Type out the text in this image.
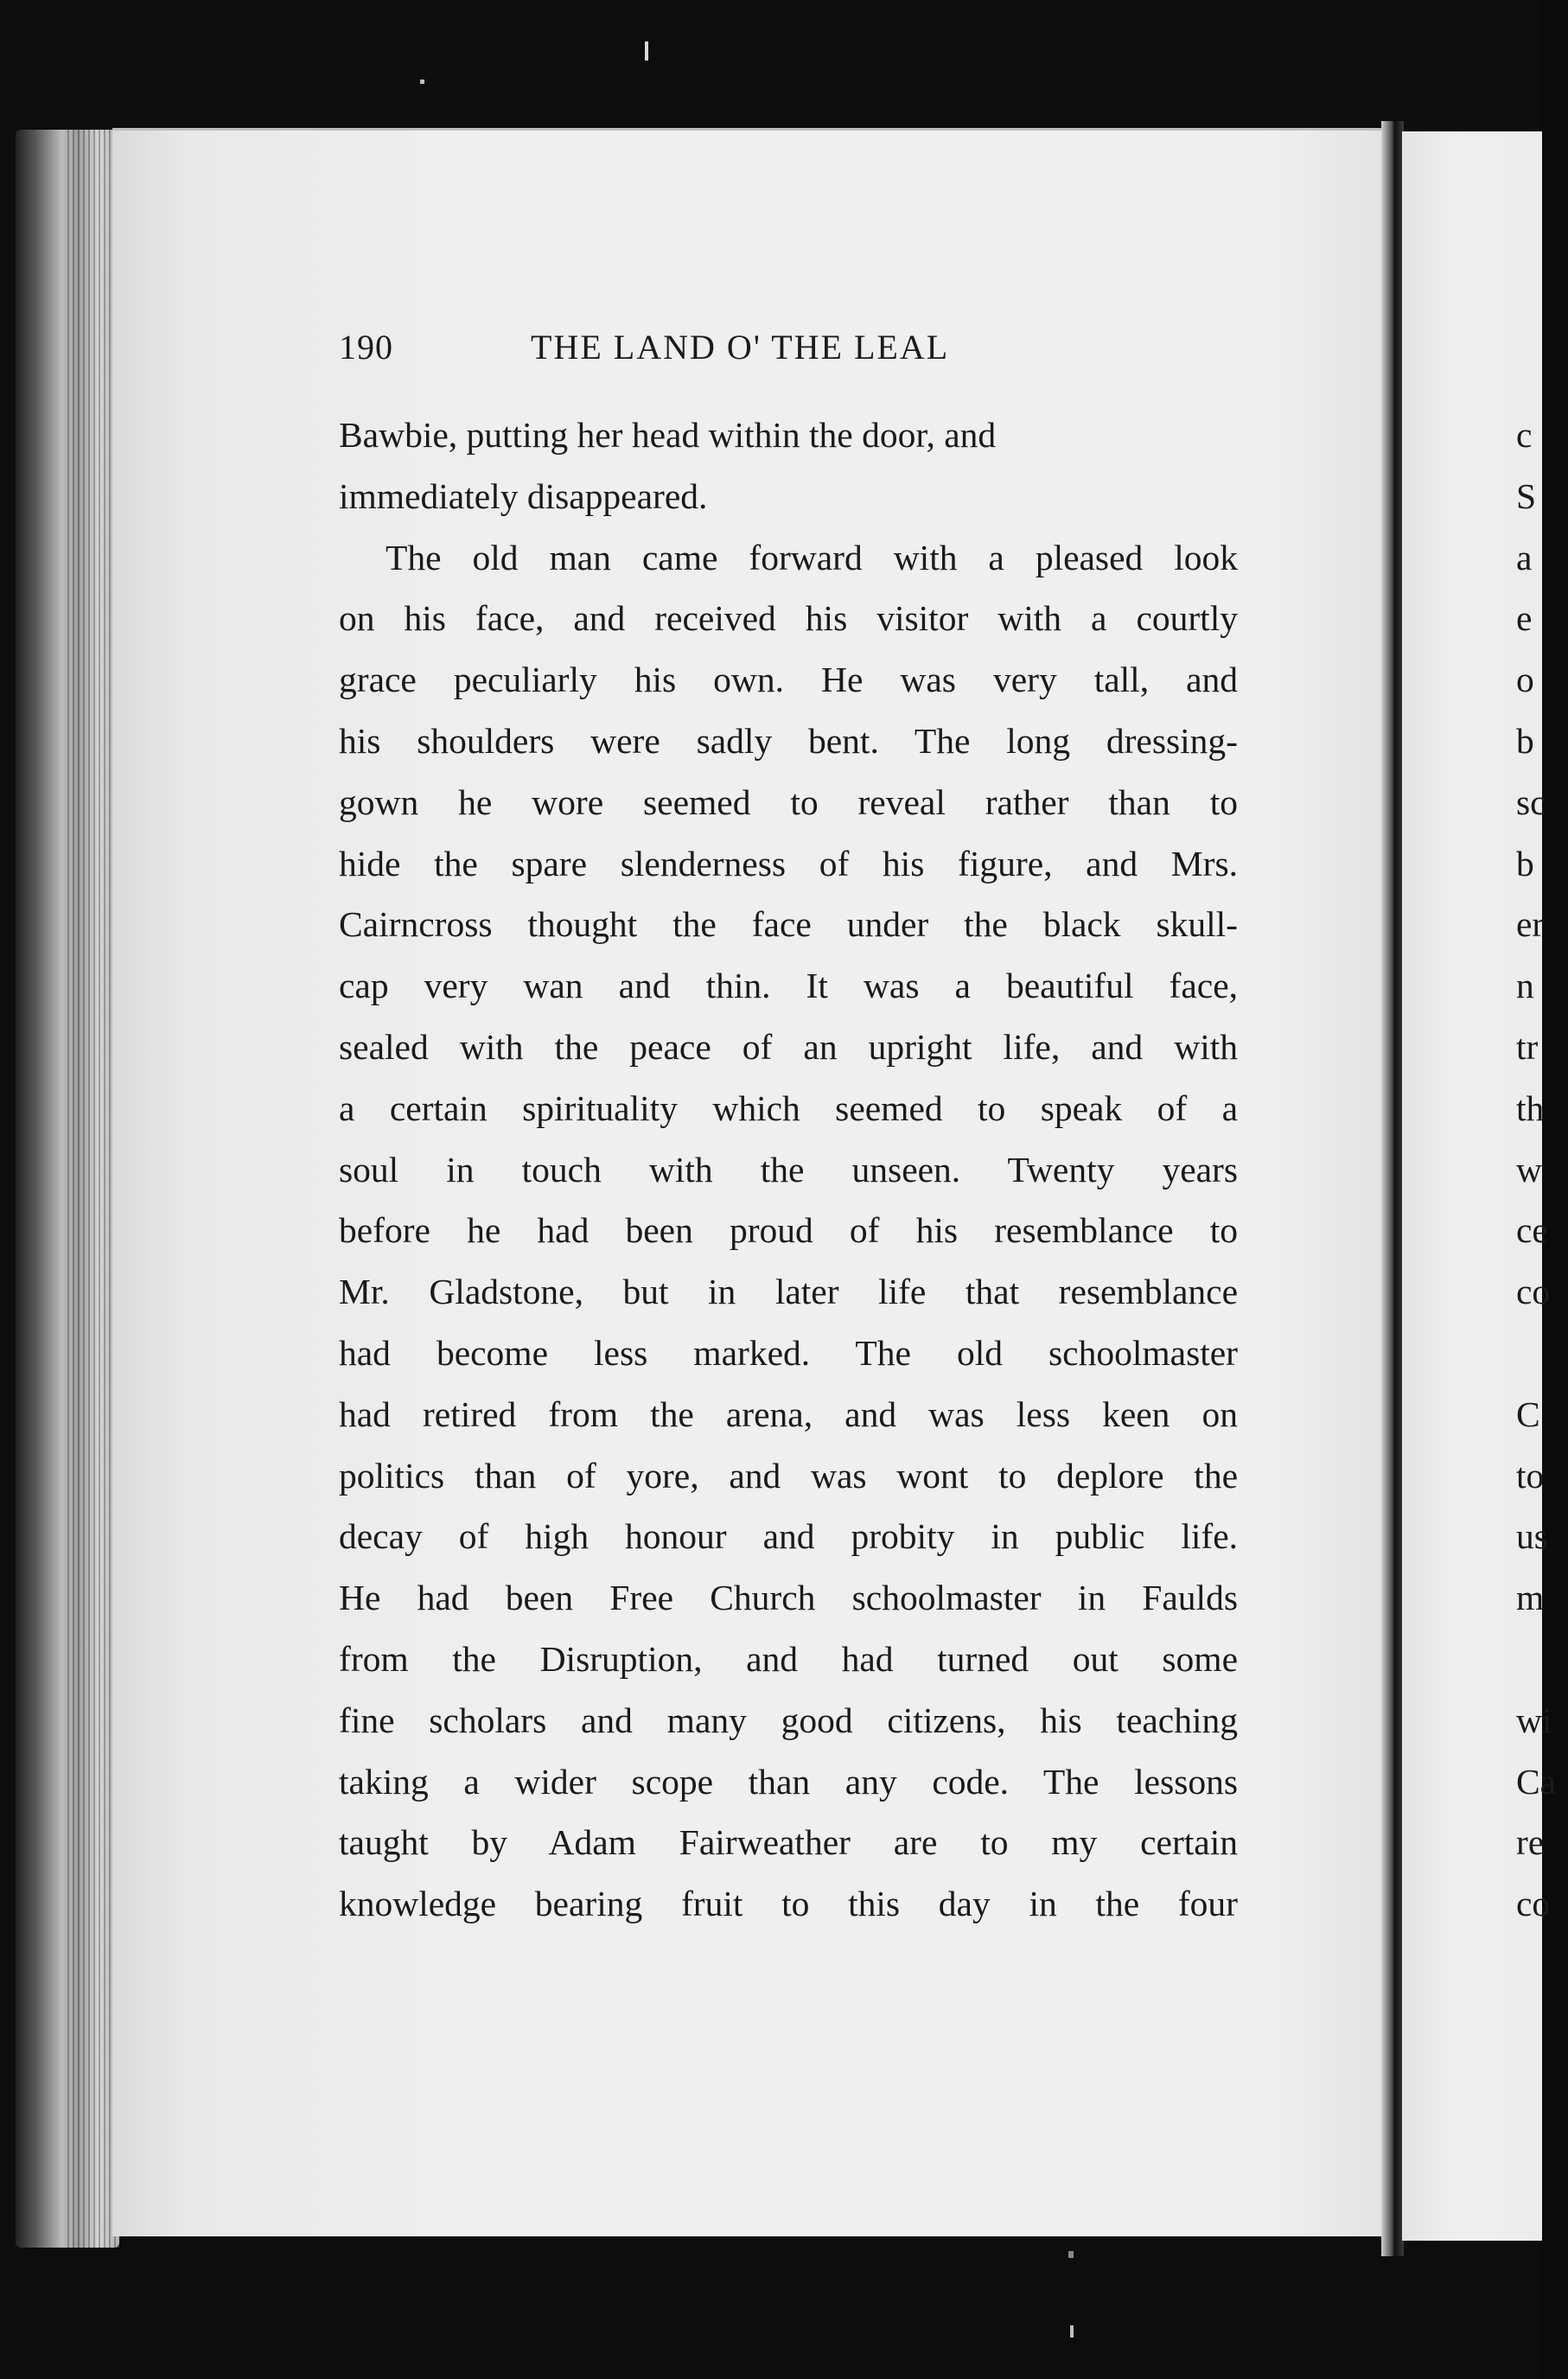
190	THE LAND O' THE LEAL
Bawbie, putting her head within the door, and
immediately disappeared.
The old man came forward with a pleased look
on his face, and received his visitor with a courtly
grace peculiarly his own. He was very tall, and
his shoulders were sadly bent. The long dressing-
gown he wore seemed to reveal rather than to
hide the spare slenderness of his figure, and Mrs.
Cairncross thought the face under the black skull-
cap very wan and thin. It was a beautiful face,
sealed with the peace of an upright life, and with
a certain spirituality which seemed to speak of a
soul in touch with the unseen. Twenty years
before he had been proud of his resemblance to
Mr. Gladstone, but in later life that resemblance
had become less marked. The old schoolmaster
had retired from the arena, and was less keen on
politics than of yore, and was wont to deplore the
decay of high honour and probity in public life.
He had been Free Church schoolmaster in Faulds
from the Disruption, and had turned out some
fine scholars and many good citizens, his teaching
taking a wider scope than any code. The lessons
taught by Adam Fairweather are to my certain
knowledge bearing fruit to this day in the four
c
S
a
e
o
b
sc
b
er
n
tr
th
w
ce
co
C
to
us
m
wi
Ca
re
co
